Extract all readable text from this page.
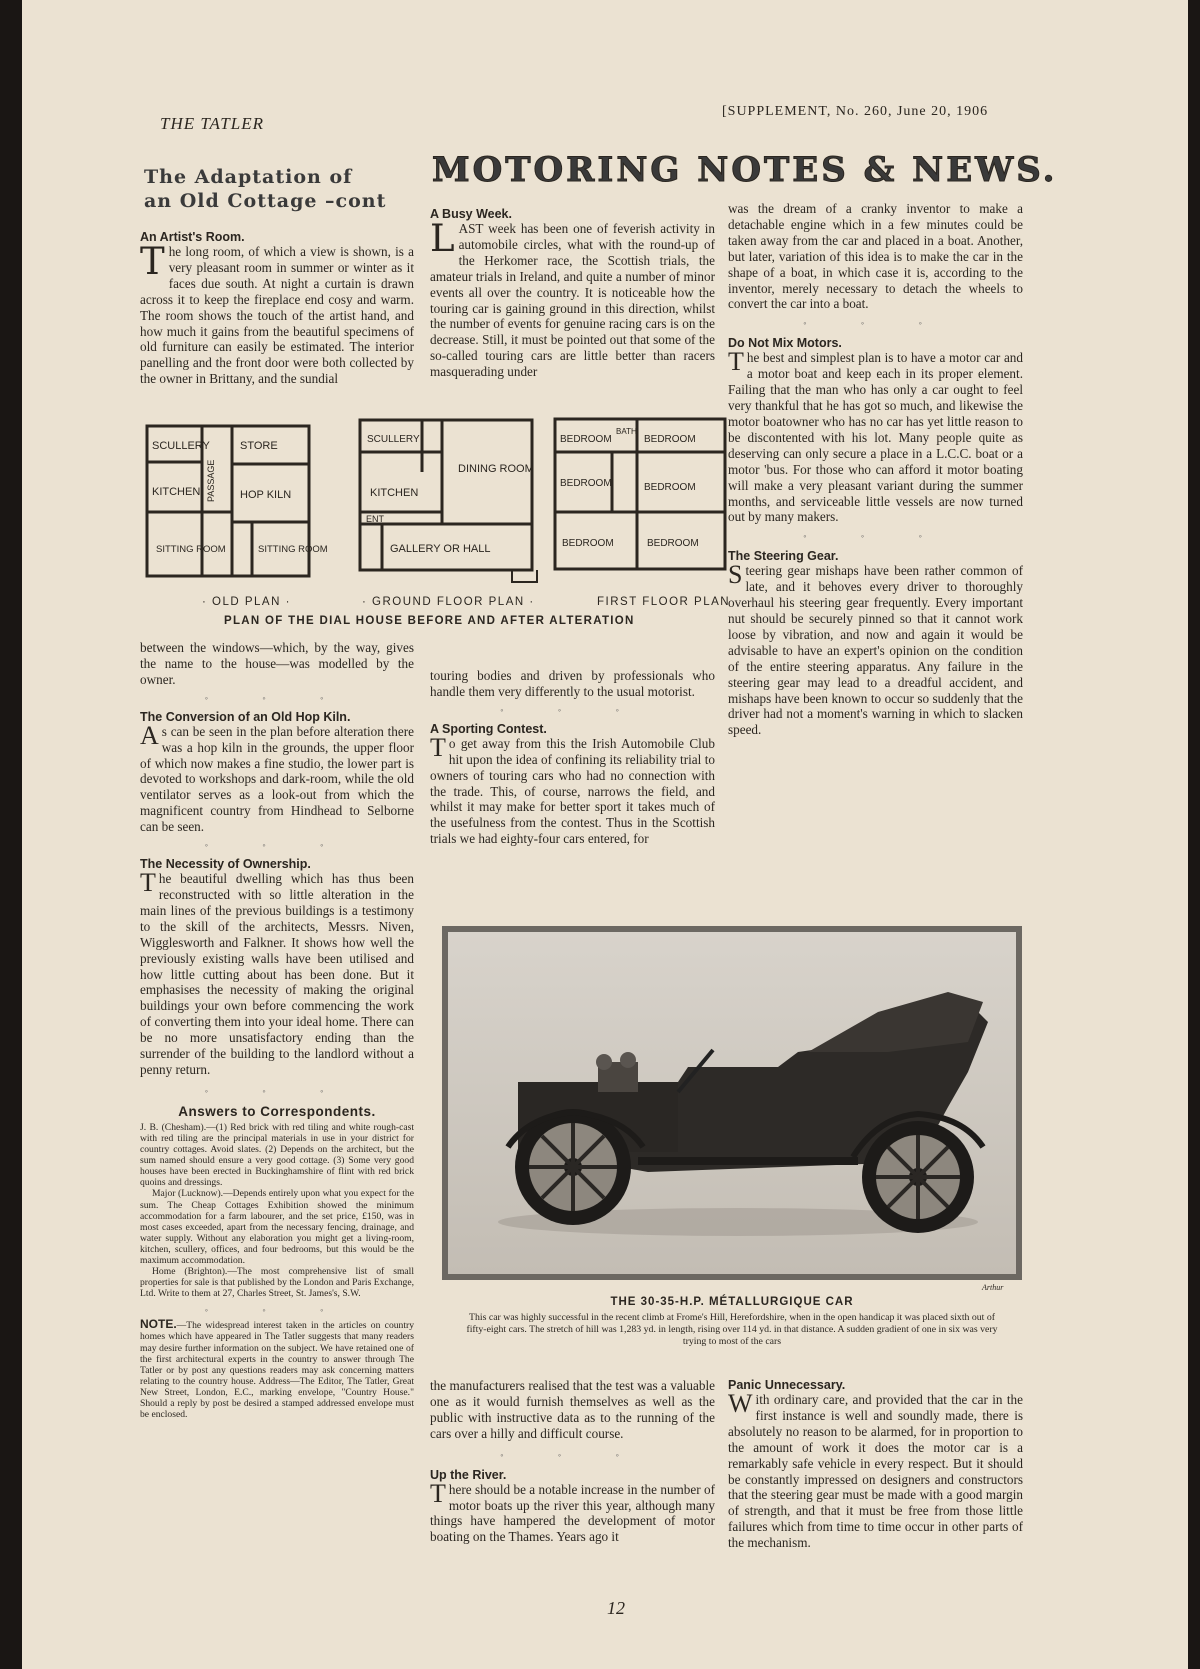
THE TATLER
[SUPPLEMENT, No. 260, June 20, 1906
The Adaptation of
an Old Cottage –cont
MOTORING NOTES & NEWS.
An Artist's Room.

The long room, of which a view is shown, is a very pleasant room in summer or winter as it faces due south. At night a curtain is drawn across it to keep the fireplace end cosy and warm. The room shows the touch of the artist hand, and how much it gains from the beautiful specimens of old furniture can easily be estimated. The interior panelling and the front door were both collected by the owner in Brittany, and the sundial

A Busy Week.

LAST week has been one of feverish activity in automobile circles, what with the round-up of the Herkomer race, the Scottish trials, the amateur trials in Ireland, and quite a number of minor events all over the country. It is noticeable how the touring car is gaining ground in this direction, whilst the number of events for genuine racing cars is on the decrease. Still, it must be pointed out that some of the so-called touring cars are little better than racers masquerading under

was the dream of a cranky inventor to make a detachable engine which in a few minutes could be taken away from the car and placed in a boat. Another, but later, variation of this idea is to make the car in the shape of a boat, in which case it is, according to the inventor, merely necessary to detach the wheels to convert the car into a boat.

◦ ◦ ◦
Do Not Mix Motors.

The best and simplest plan is to have a motor car and a motor boat and keep each in its proper element. Failing that the man who has only a car ought to feel very thankful that he has got so much, and likewise the motor boatowner who has no car has yet little reason to be discontented with his lot. Many people quite as deserving can only secure a place in a L.C.C. boat or a motor 'bus. For those who can afford it motor boating will make a very pleasant variant during the summer months, and serviceable little vessels are now turned out by many makers.

◦ ◦ ◦
The Steering Gear.

Steering gear mishaps have been rather common of late, and it behoves every driver to thoroughly overhaul his steering gear frequently. Every important nut should be securely pinned so that it cannot work loose by vibration, and now and again it would be advisable to have an expert's opinion on the condition of the entire steering apparatus. Any failure in the steering gear may lead to a dreadful accident, and mishaps have been known to occur so suddenly that the driver had not a moment's warning in which to slacken speed.

SCULLERY
KITCHEN
STORE
HOP KILN
SITTING ROOM	SITTING ROOM
PASSAGE
SCULLERY
KITCHEN
DINING ROOM
ENT
GALLERY OR HALL
BEDROOM	BEDROOM
BEDROOM	BEDROOM
BEDROOM	BEDROOM
BATH
· OLD PLAN ·	· GROUND FLOOR PLAN ·	FIRST FLOOR PLAN
PLAN OF THE DIAL HOUSE BEFORE AND AFTER ALTERATION

between the windows—which, by the way, gives the name to the house—was modelled by the owner.

◦ ◦ ◦
The Conversion of an Old Hop Kiln.

As can be seen in the plan before alteration there was a hop kiln in the grounds, the upper floor of which now makes a fine studio, the lower part is devoted to workshops and dark-room, while the old ventilator serves as a look-out from which the magnificent country from Hindhead to Selborne can be seen.

◦ ◦ ◦
The Necessity of Ownership.

The beautiful dwelling which has thus been reconstructed with so little alteration in the main lines of the previous buildings is a testimony to the skill of the architects, Messrs. Niven, Wigglesworth and Falkner. It shows how well the previously existing walls have been utilised and how little cutting about has been done. But it emphasises the necessity of making the original buildings your own before commencing the work of converting them into your ideal home. There can be no more unsatisfactory ending than the surrender of the building to the landlord without a penny return.

◦ ◦ ◦
Answers to Correspondents.

J. B. (Chesham).—(1) Red brick with red tiling and white rough-cast with red tiling are the principal materials in use in your district for country cottages. Avoid slates. (2) Depends on the architect, but the sum named should ensure a very good cottage. (3) Some very good houses have been erected in Buckinghamshire of flint with red brick quoins and dressings.

Major (Lucknow).—Depends entirely upon what you expect for the sum. The Cheap Cottages Exhibition showed the minimum accommodation for a farm labourer, and the set price, £150, was in most cases exceeded, apart from the necessary fencing, drainage, and water supply. Without any elaboration you might get a living-room, kitchen, scullery, offices, and four bedrooms, but this would be the maximum accommodation.

Home (Brighton).—The most comprehensive list of small properties for sale is that published by the London and Paris Exchange, Ltd. Write to them at 27, Charles Street, St. James's, S.W.

◦ ◦ ◦

NOTE.—The widespread interest taken in the articles on country homes which have appeared in The Tatler suggests that many readers may desire further information on the subject. We have retained one of the first architectural experts in the country to answer through The Tatler or by post any questions readers may ask concerning matters relating to the country house. Address—The Editor, The Tatler, Great New Street, London, E.C., marking envelope, "Country House." Should a reply by post be desired a stamped addressed envelope must be enclosed.

touring bodies and driven by professionals who handle them very differently to the usual motorist.

◦ ◦ ◦
A Sporting Contest.

To get away from this the Irish Automobile Club hit upon the idea of confining its reliability trial to owners of touring cars who had no connection with the trade. This, of course, narrows the field, and whilst it may make for better sport it takes much of the usefulness from the contest. Thus in the Scottish trials we had eighty-four cars entered, for

Arthur
THE 30-35-H.P. MÉTALLURGIQUE CAR
This car was highly successful in the recent climb at Frome's Hill, Herefordshire, when in the open handicap it was placed sixth out of fifty-eight cars. The stretch of hill was 1,283 yd. in length, rising over 114 yd. in that distance. A sudden gradient of one in six was very trying to most of the cars

the manufacturers realised that the test was a valuable one as it would furnish themselves as well as the public with instructive data as to the running of the cars over a hilly and difficult course.

◦ ◦ ◦
Up the River.

There should be a notable increase in the number of motor boats up the river this year, although many things have hampered the development of motor boating on the Thames. Years ago it

Panic Unnecessary.

With ordinary care, and provided that the car in the first instance is well and soundly made, there is absolutely no reason to be alarmed, for in proportion to the amount of work it does the motor car is a remarkably safe vehicle in every respect. But it should be constantly impressed on designers and constructors that the steering gear must be made with a good margin of strength, and that it must be free from those little failures which from time to time occur in other parts of the mechanism.

12
